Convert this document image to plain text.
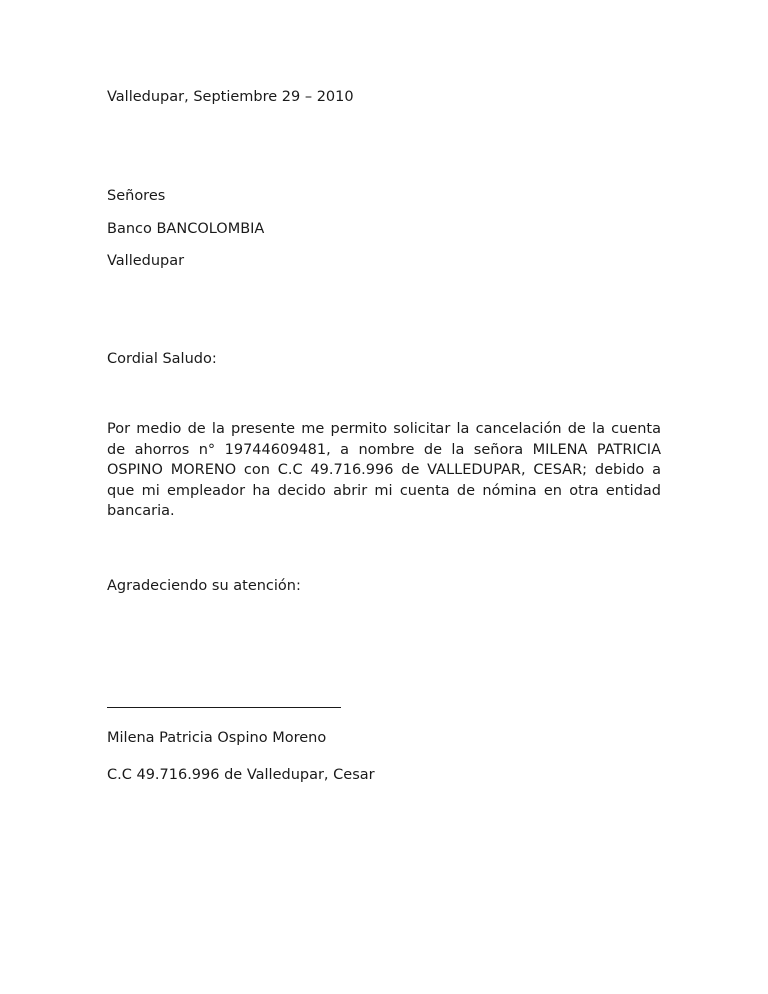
Valledupar, Septiembre 29 – 2010
Señores
Banco BANCOLOMBIA
Valledupar
Cordial Saludo:
Por medio de la presente me permito solicitar la cancelación de la cuenta de ahorros n° 19744609481, a nombre de la señora MILENA PATRICIA OSPINO MORENO con C.C 49.716.996 de VALLEDUPAR, CESAR; debido a que mi empleador ha decido abrir mi cuenta de nómina en otra entidad bancaria.
Agradeciendo su atención:
Milena Patricia Ospino Moreno
C.C 49.716.996 de Valledupar, Cesar
